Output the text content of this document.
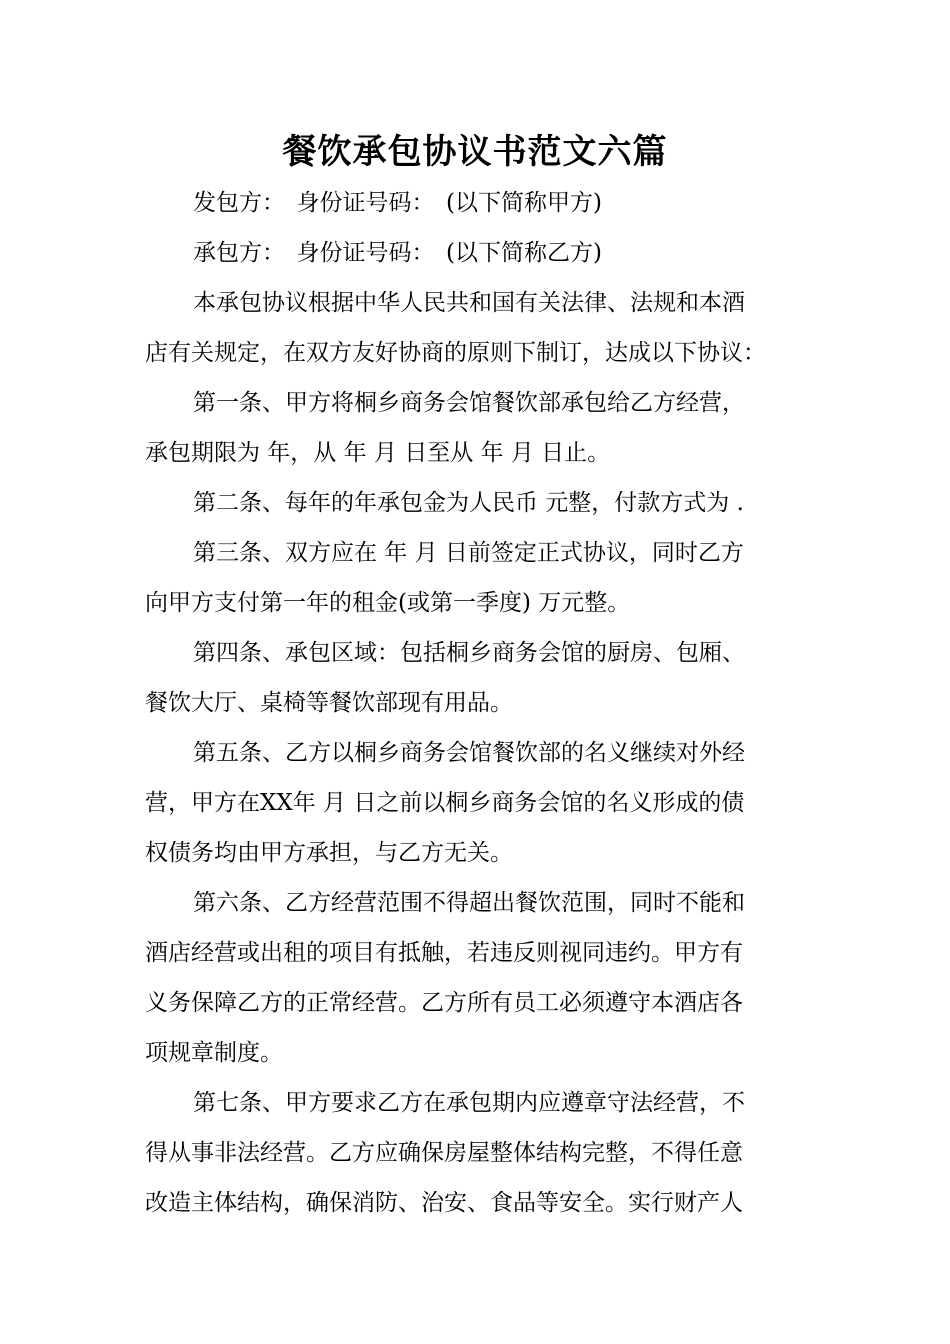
餐饮承包协议书范文六篇
发包方：　身份证号码：　(以下简称甲方)
承包方：　身份证号码：　(以下简称乙方)
本承包协议根据中华人民共和国有关法律、法规和本酒
店有关规定，在双方友好协商的原则下制订，达成以下协议：
第一条、甲方将桐乡商务会馆餐饮部承包给乙方经营，
承包期限为 年，从 年 月 日至从 年 月 日止。
第二条、每年的年承包金为人民币 元整，付款方式为 .
第三条、双方应在 年 月 日前签定正式协议，同时乙方
向甲方支付第一年的租金(或第一季度) 万元整。
第四条、承包区域：包括桐乡商务会馆的厨房、包厢、
餐饮大厅、桌椅等餐饮部现有用品。
第五条、乙方以桐乡商务会馆餐饮部的名义继续对外经
营，甲方在XX年 月 日之前以桐乡商务会馆的名义形成的债
权债务均由甲方承担，与乙方无关。
第六条、乙方经营范围不得超出餐饮范围，同时不能和
酒店经营或出租的项目有抵触，若违反则视同违约。甲方有
义务保障乙方的正常经营。乙方所有员工必须遵守本酒店各
项规章制度。
第七条、甲方要求乙方在承包期内应遵章守法经营，不
得从事非法经营。乙方应确保房屋整体结构完整，不得任意
改造主体结构，确保消防、治安、食品等安全。实行财产人
